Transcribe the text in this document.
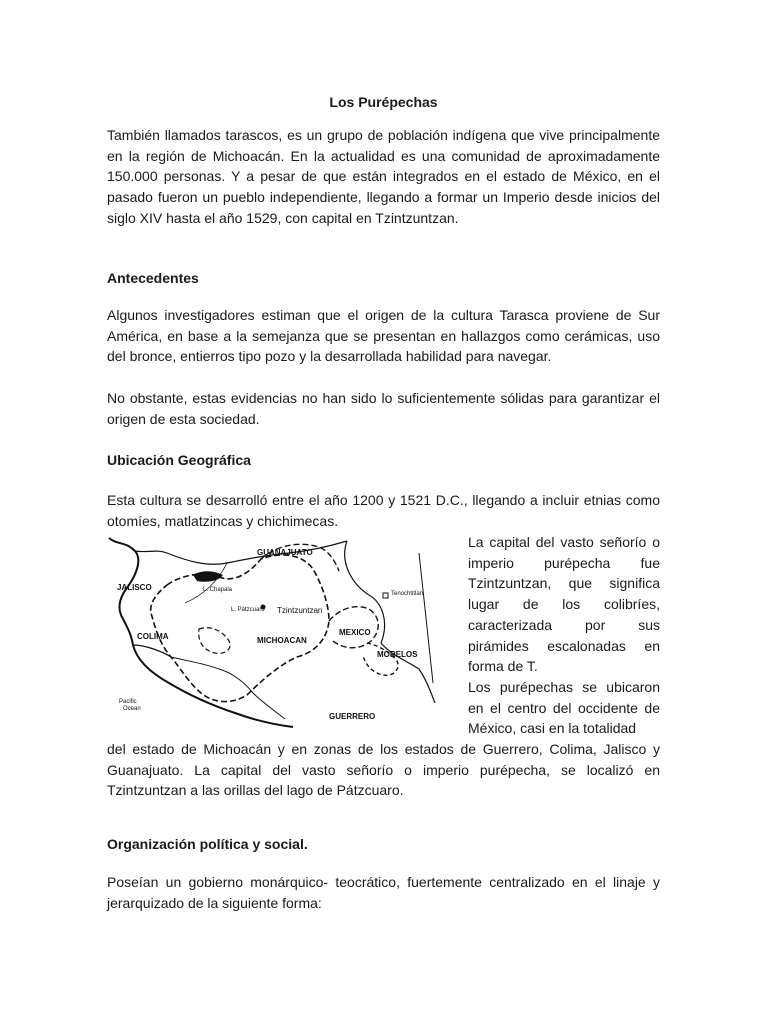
Los Purépechas

También llamados tarascos, es un grupo de población indígena que vive principalmente en la región de Michoacán. En la actualidad es una comunidad de aproximadamente 150.000 personas. Y a pesar de que están integrados en el estado de México, en el pasado fueron un pueblo independiente, llegando a formar un Imperio desde inicios del siglo XIV hasta el año 1529, con capital en Tzintzuntzan.

Antecedentes

Algunos investigadores estiman que el origen de la cultura Tarasca proviene de Sur América, en base a la semejanza que se presentan en hallazgos como cerámicas, uso del bronce, entierros tipo pozo y la desarrollada habilidad para navegar.

No obstante, estas evidencias no han sido lo suficientemente sólidas para garantizar el origen de esta sociedad.

Ubicación Geográfica

Esta cultura se desarrolló entre el año 1200 y 1521 D.C., llegando a incluir etnias como otomíes, matlatzincas y chichimecas.

GUANAJUATO
JALISCO	L. Chapala
L. Pátzcuaro Tzintzuntzan
Tenochtitlan
MEXICO
COLIMA	MICHOACAN
MORELOS
Pacific
Ocean
GUERRERO

La capital del vasto señorío o imperio purépecha fue Tzintzuntzan, que significa lugar de los colibríes, caracterizada por sus pirámides escalonadas en forma de T.

Los purépechas se ubicaron en el centro del occidente de México, casi en la totalidad

del estado de Michoacán y en zonas de los estados de Guerrero, Colima, Jalisco y Guanajuato. La capital del vasto señorío o imperio purépecha, se localizó en Tzintzuntzan a las orillas del lago de Pátzcuaro.

Organización política y social.

Poseían un gobierno monárquico- teocrático, fuertemente centralizado en el linaje y jerarquizado de la siguiente forma:
